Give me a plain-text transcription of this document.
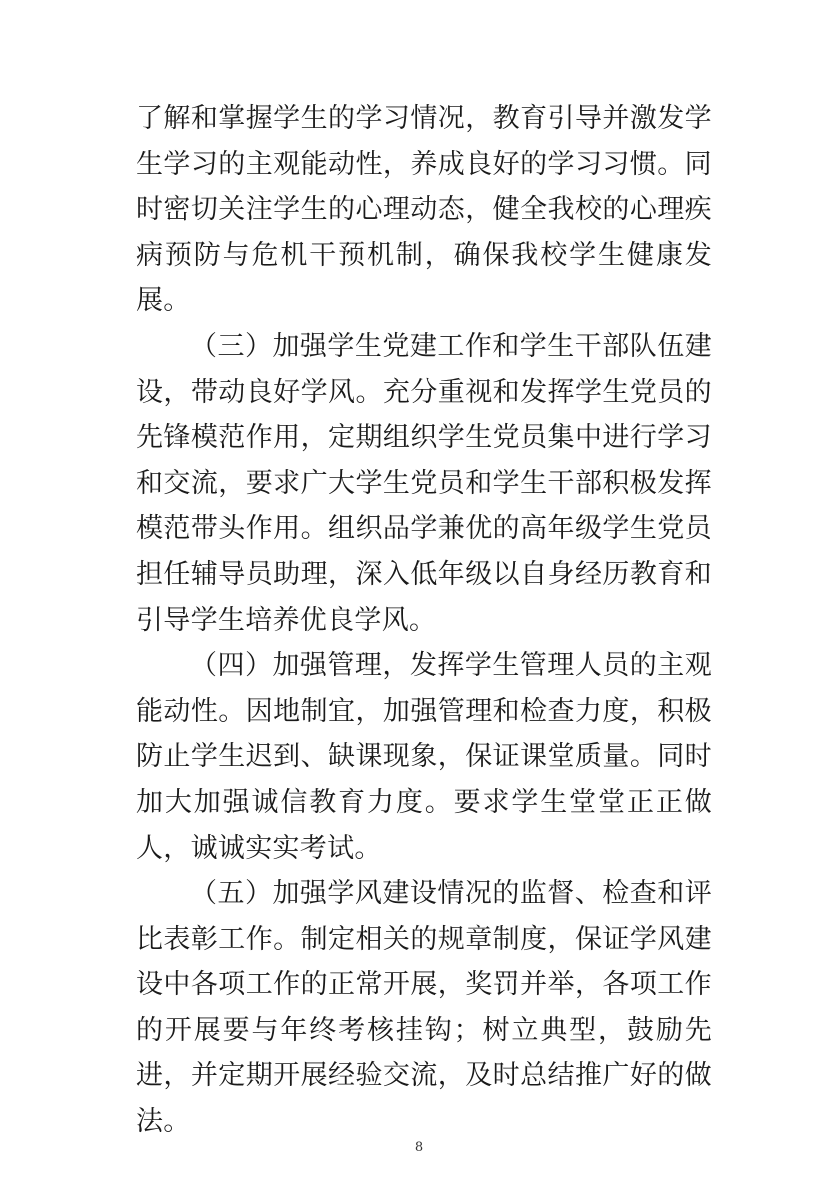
了解和掌握学生的学习情况，教育引导并激发学生学习的主观能动性，养成良好的学习习惯。同时密切关注学生的心理动态，健全我校的心理疾病预防与危机干预机制，确保我校学生健康发展。

（三）加强学生党建工作和学生干部队伍建设，带动良好学风。充分重视和发挥学生党员的先锋模范作用，定期组织学生党员集中进行学习和交流，要求广大学生党员和学生干部积极发挥模范带头作用。组织品学兼优的高年级学生党员担任辅导员助理，深入低年级以自身经历教育和引导学生培养优良学风。

（四）加强管理，发挥学生管理人员的主观能动性。因地制宜，加强管理和检查力度，积极防止学生迟到、缺课现象，保证课堂质量。同时加大加强诚信教育力度。要求学生堂堂正正做人，诚诚实实考试。

（五）加强学风建设情况的监督、检查和评比表彰工作。制定相关的规章制度，保证学风建设中各项工作的正常开展，奖罚并举，各项工作的开展要与年终考核挂钩；树立典型，鼓励先进，并定期开展经验交流，及时总结推广好的做法。

8
